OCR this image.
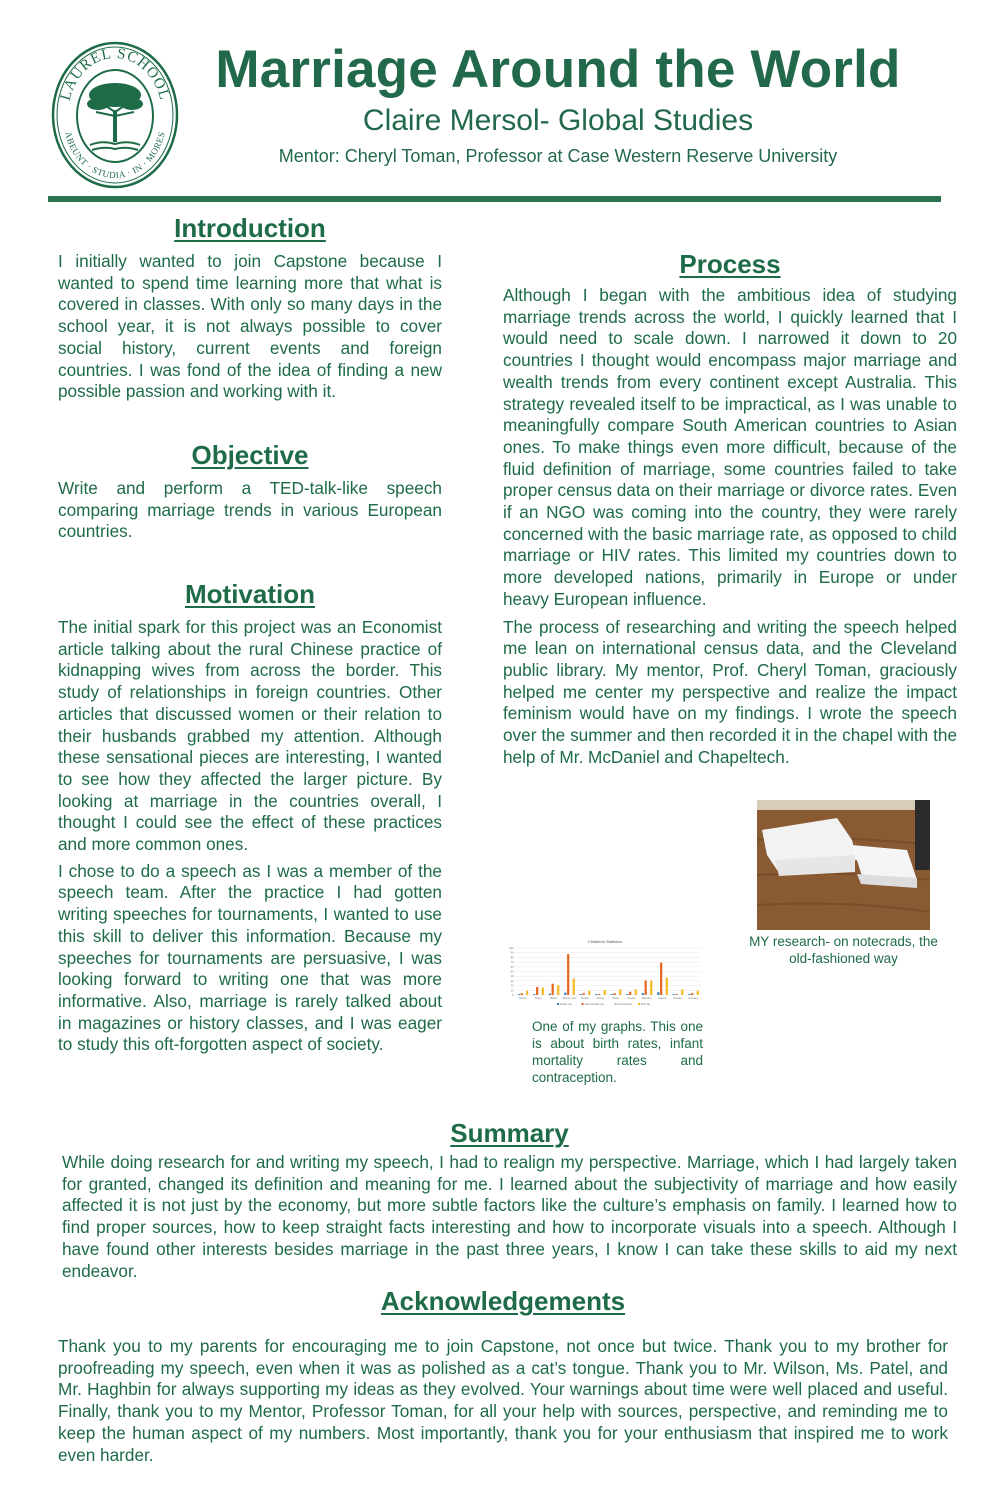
LAUREL SCHOOL
ABEUNT · STUDIA · IN · MORES
Marriage Around the World
Claire Mersol- Global Studies
Mentor: Cheryl Toman, Professor at Case Western Reserve University
Introduction

I initially wanted to join Capstone because I wanted to spend time learning more that what is covered in classes. With only so many days in the school year, it is not always possible to cover social history, current events and foreign countries. I was fond of the idea of finding a new possible passion and working with it.

Objective

Write and perform a TED-talk-like speech comparing marriage trends in various European countries.

Motivation

The initial spark for this project was an Economist article talking about the rural Chinese practice of kidnapping wives from across the border. This study of relationships in foreign countries. Other articles that discussed women or their relation to their husbands grabbed my attention. Although these sensational pieces are interesting, I wanted to see how they affected the larger picture. By looking at marriage in the countries overall, I thought I could see the effect of these practices and more common ones.

I chose to do a speech as I was a member of the speech team. After the practice I had gotten writing speeches for tournaments, I wanted to use this skill to deliver this information. Because my speeches for tournaments are persuasive, I was looking forward to writing one that was more informative. Also, marriage is rarely talked about in magazines or history classes, and I was eager to study this oft-forgotten aspect of society.

Process

Although I began with the ambitious idea of studying marriage trends across the world, I quickly learned that I would need to scale down. I narrowed it down to 20 countries I thought would encompass major marriage and wealth trends from every continent except Australia. This strategy revealed itself to be impractical, as I was unable to meaningfully compare South American countries to Asian ones. To make things even more difficult, because of the fluid definition of marriage, some countries failed to take proper census data on their marriage or divorce rates. Even if an NGO was coming into the country, they were rarely concerned with the basic marriage rate, as opposed to child marriage or HIV rates. This limited my countries down to more developed nations, primarily in Europe or under heavy European influence.

The process of researching and writing the speech helped me lean on international census data, and the Cleveland public library. My mentor, Prof. Cheryl Toman, graciously helped me center my perspective and realize the impact feminism would have on my findings. I wrote the speech over the summer and then recorded it in the chapel with the help of Mr. McDaniel and Chapeltech.

MY research- on notecrads, the old-fashioned way
Childrens Statistics
0
10
20
30
40
50
60
70
80
90
100
Greece	Turkey	Mexico Sierra Leone Croatia	Norway	Britain	America	Mauritius	Nigeria	Sweden	Germany
Fertility rate	Infant Mortality rate	Contraception	Birth rate
One of my graphs. This one is about birth rates, infant mortality rates and contraception.
Summary

While doing research for and writing my speech, I had to realign my perspective. Marriage, which I had largely taken for granted, changed its definition and meaning for me. I learned about the subjectivity of marriage and how easily affected it is not just by the economy, but more subtle factors like the culture’s emphasis on family. I learned how to find proper sources, how to keep straight facts interesting and how to incorporate visuals into a speech. Although I have found other interests besides marriage in the past three years, I know I can take these skills to aid my next endeavor.

Acknowledgements

Thank you to my parents for encouraging me to join Capstone, not once but twice. Thank you to my brother for proofreading my speech, even when it was as polished as a cat’s tongue. Thank you to Mr. Wilson, Ms. Patel, and Mr. Haghbin for always supporting my ideas as they evolved. Your warnings about time were well placed and useful. Finally, thank you to my Mentor, Professor Toman, for all your help with sources, perspective, and reminding me to keep the human aspect of my numbers. Most importantly, thank you for your enthusiasm that inspired me to work even harder.
